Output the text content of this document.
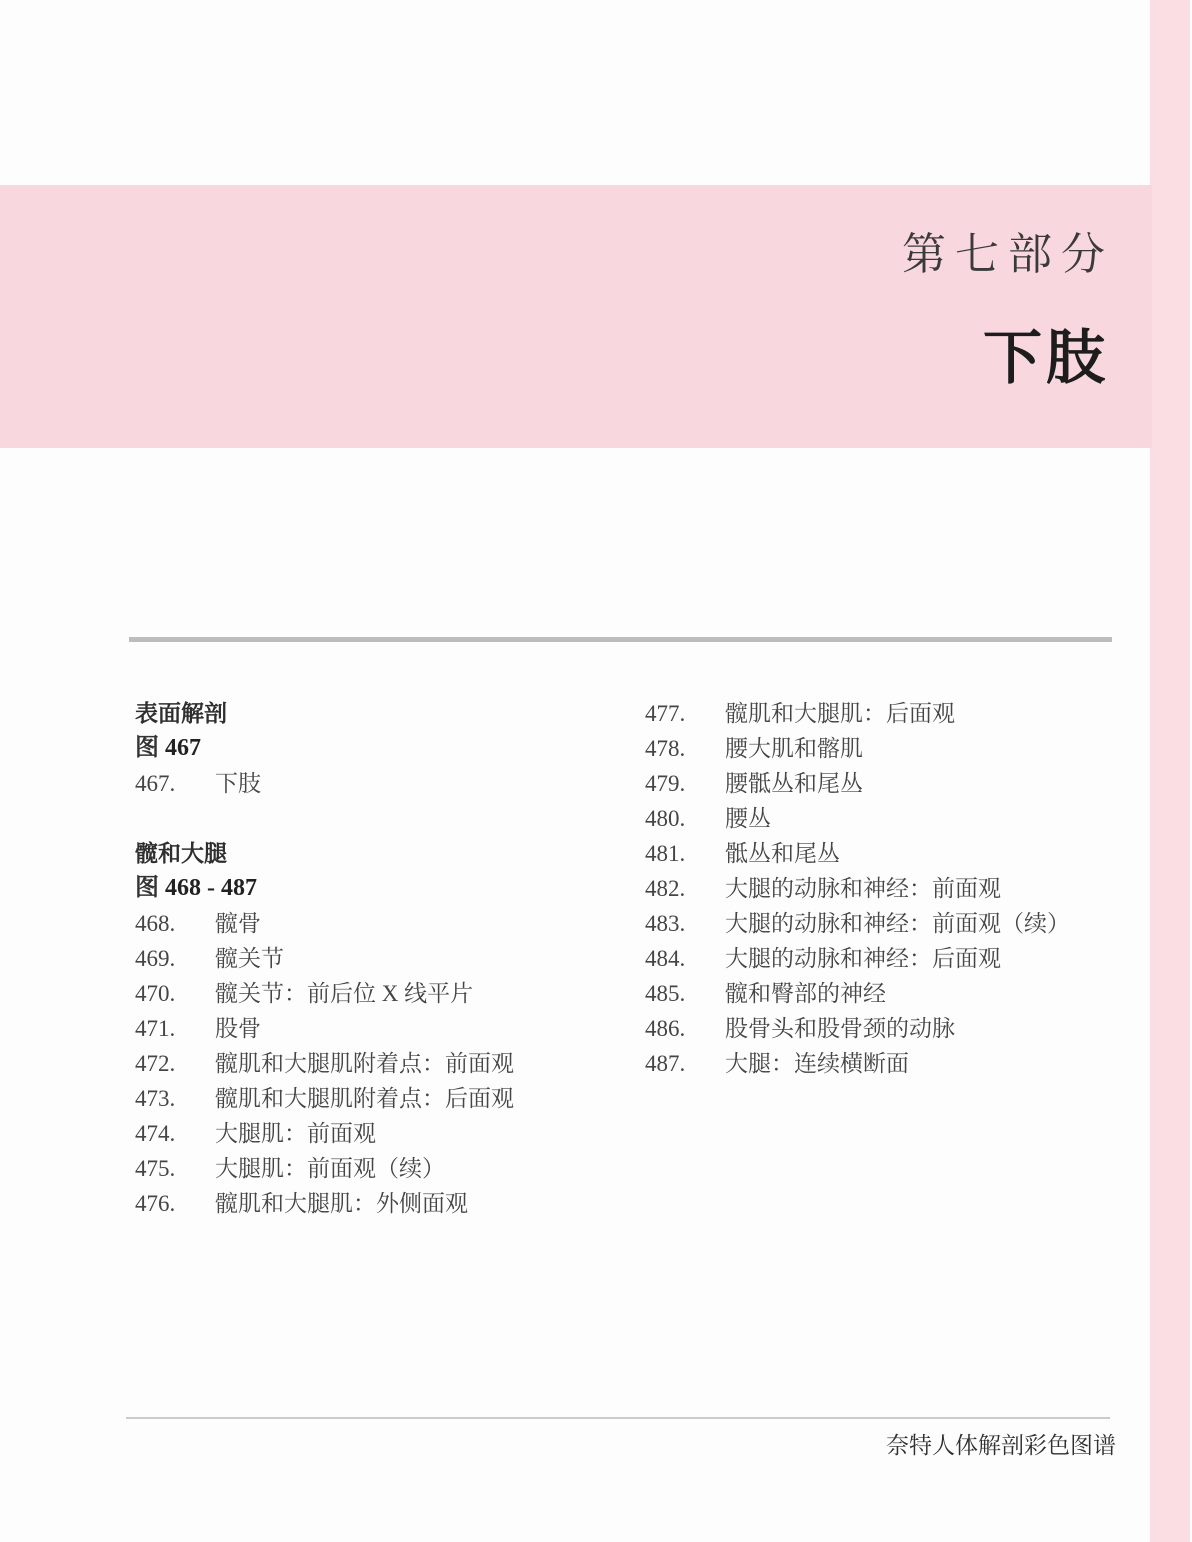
第七部分
下肢
表面解剖
图 467
467.	下肢
髋和大腿
图 468 - 487
468.	髋骨
469.	髋关节
470.	髋关节：前后位 X 线平片
471.	股骨
472.	髋肌和大腿肌附着点：前面观
473.	髋肌和大腿肌附着点：后面观
474.	大腿肌：前面观
475.	大腿肌：前面观（续）
476.	髋肌和大腿肌：外侧面观
477.	髋肌和大腿肌：后面观
478.	腰大肌和髂肌
479.	腰骶丛和尾丛
480.	腰丛
481.	骶丛和尾丛
482.	大腿的动脉和神经：前面观
483.	大腿的动脉和神经：前面观（续）
484.	大腿的动脉和神经：后面观
485.	髋和臀部的神经
486.	股骨头和股骨颈的动脉
487.	大腿：连续横断面
奈特人体解剖彩色图谱
